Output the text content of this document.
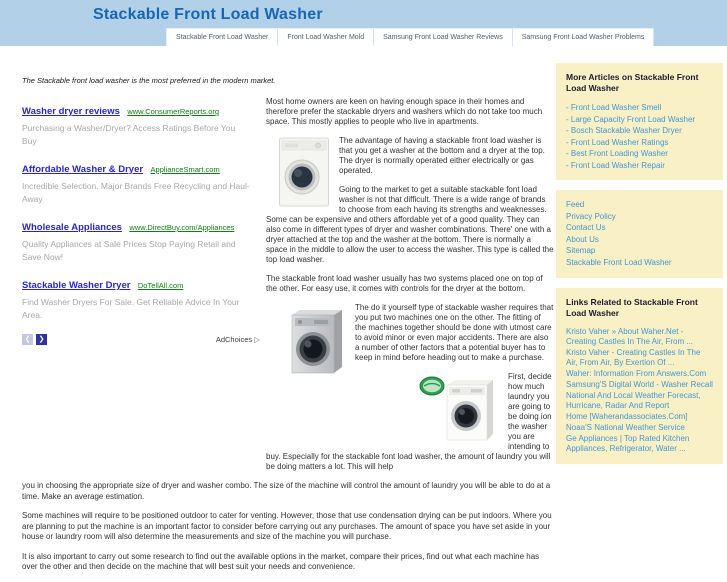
Stackable Front Load Washer
Stackable Front Load Washer	Front Load Washer Mold	Samsung Front Load Washer Reviews	Samsung Front Load Washer Problems

The Stackable front load washer is the most preferred in the modern market.

Washer dryer reviews www.ConsumerReports.org
Purchasing a Washer/Dryer? Access Ratings Before You Buy
Affordable Washer & Dryer ApplianceSmart.com
Incredible Selection. Major Brands Free Recycling and Haul-Away
Wholesale Appliances www.DirectBuy.com/Appliances
Quality Appliances at Sale Prices Stop Paying Retail and Save Now!
Stackable Washer Dryer DoTellAll.com
Find Washer Dryers For Sale. Get Reliable Advice In Your Area.
❮	❯	AdChoices ▷

Most home owners are keen on having enough space in their homes and therefore prefer the stackable dryers and washers which do not take too much space. This mostly applies to people who live in apartments.

The advantage of having a stackable front load washer is that you get a washer at the bottom and a dryer at the top. The dryer is normally operated either electrically or gas operated.

Going to the market to get a suitable stackable font load washer is not that difficult. There is a wide range of brands to choose from each having its strengths and weaknesses. Some can be expensive and others affordable yet of a good quality. They can also come in different types of dryer and washer combinations. There' one with a dryer attached at the top and the washer at the bottom. There is normally a space in the middle to allow the user to access the washer. This type is called the top load washer.

The stackable front load washer usually has two systems placed one on top of the other. For easy use, it comes with controls for the dryer at the bottom.

The do it yourself type of stackable washer requires that you put two machines one on the other. The fitting of the machines together should be done with utmost care to avoid minor or even major accidents. There are also a number of other factors that a potential buyer has to keep in mind before heading out to make a purchase.

First, decide how much laundry you are going to be doing ion the washer you are intending to buy. Especially for the stackable font load washer, the amount of laundry you will be doing matters a lot. This will help

you in choosing the appropriate size of dryer and washer combo. The size of the machine will control the amount of laundry you will be able to do at a time. Make an average estimation.

Some machines will require to be positioned outdoor to cater for venting. However, those that use condensation drying can be put indoors. Where you are planning to put the machine is an important factor to consider before carrying out any purchases. The amount of space you have set aside in your house or laundry room will also determine the measurements and size of the machine you will purchase.

It is also important to carry out some research to find out the available options in the market, compare their prices, find out what each machine has over the other and then decide on the machine that will best suit your needs and convenience.

More Articles on Stackable Front Load Washer
- Front Load Washer Smell
- Large Capacity Front Load Washer
- Bosch Stackable Washer Dryer
- Front Load Washer Ratings
- Best Front Loading Washer
- Front Load Washer Repair
Feed
Privacy Policy
Contact Us
About Us
Sitemap
Stackable Front Load Washer
Links Related to Stackable Front Load Washer
Kristo Vaher » About Waher.Net - Creating Castles In The Air, From ...
Kristo Vaher - Creating Castles In The Air, From Air, By Exertion Of ...
Waher: Information From Answers.Com
Samsung'S Digital World - Washer Recall
National And Local Weather Forecast, Hurricane, Radar And Report
Home [Waherandassociates.Com]
Noaa'S National Weather Service
Ge Appliances | Top Rated Kitchen Appliances, Refrigerator, Water ...
